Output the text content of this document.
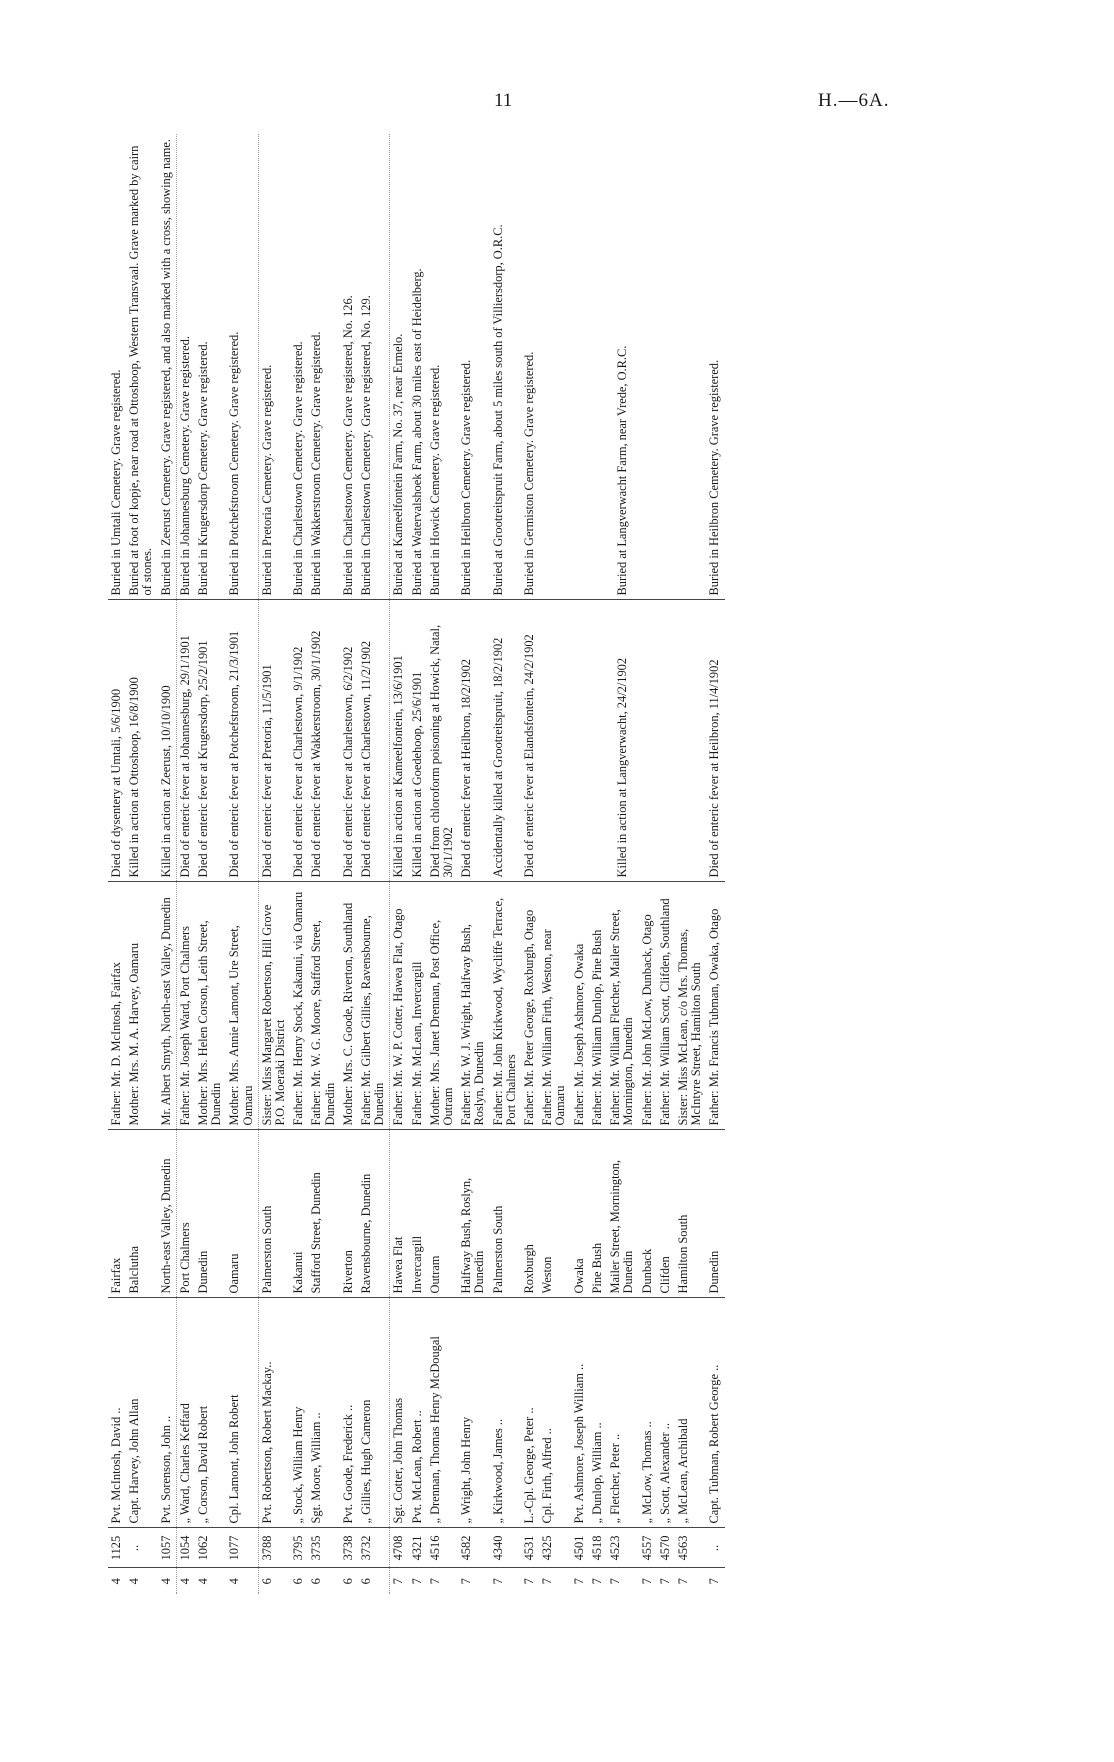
11	H.—6A.
4	1125	Pvt. McIntosh, David ..	Fairfax	Father: Mr. D. McIntosh, Fairfax	Died of dysentery at Umtali, 5/6/1900	Buried in Umtali Cemetery. Grave registered.
4	..	Capt. Harvey, John Allan	Balclutha	Mother: Mrs. M. A. Harvey, Oamaru	Killed in action at Ottoshoop, 16/8/1900	Buried at foot of kopje, near road at Ottoshoop, Western Transvaal. Grave marked by cairn of stones.
4	1057	Pvt. Sorenson, John ..	North-east Valley, Dunedin	Mr. Albert Smyth, North-east Valley, Dunedin	Killed in action at Zeerust, 10/10/1900	Buried in Zeerust Cemetery. Grave registered, and also marked with a cross, showing name.
4	1054	„ Ward, Charles Keffard	Port Chalmers	Father: Mr. Joseph Ward, Port Chalmers	Died of enteric fever at Johannesburg, 29/1/1901	Buried in Johannesburg Cemetery. Grave registered.
4	1062	„ Corson, David Robert	Dunedin	Mother: Mrs. Helen Corson, Leith Street, Dunedin	Died of enteric fever at Krugersdorp, 25/2/1901	Buried in Krugersdorp Cemetery. Grave registered.
4	1077	Cpl. Lamont, John Robert	Oamaru	Mother: Mrs. Annie Lamont, Ure Street, Oamaru	Died of enteric fever at Potchefstroom, 21/3/1901	Buried in Potchefstroom Cemetery. Grave registered.
6	3788	Pvt. Robertson, Robert Mackay..	Palmerston South	Sister: Miss Margaret Robertson, Hill Grove P.O. Moeraki District	Died of enteric fever at Pretoria, 11/5/1901	Buried in Pretoria Cemetery. Grave registered.
6	3795	„ Stock, William Henry	Kakanui	Father: Mr. Henry Stock, Kakanui, via Oamaru	Died of enteric fever at Charlestown, 9/1/1902	Buried in Charlestown Cemetery. Grave registered.
6	3735	Sgt. Moore, William ..	Stafford Street, Dunedin	Father: Mr. W. G. Moore, Stafford Street, Dunedin	Died of enteric fever at Wakkerstroom, 30/1/1902	Buried in Wakkerstroom Cemetery. Grave registered.
6	3738	Pvt. Goode, Frederick ..	Riverton	Mother: Mrs. C. Goode, Riverton, Southland	Died of enteric fever at Charlestown, 6/2/1902	Buried in Charlestown Cemetery. Grave registered, No. 126.
6	3732	„ Gillies, Hugh Cameron	Ravensbourne, Dunedin	Father: Mr. Gilbert Gillies, Ravensbourne, Dunedin	Died of enteric fever at Charlestown, 11/2/1902	Buried in Charlestown Cemetery. Grave registered, No. 129.
7	4708	Sgt. Cotter, John Thomas	Hawea Flat	Father: Mr. W. P. Cotter, Hawea Flat, Otago	Killed in action at Kameelfontein, 13/6/1901	Buried at Kameelfontein Farm, No. 37, near Ermelo.
7	4321	Pvt. McLean, Robert ..	Invercargill	Father: Mr. McLean, Invercargill	Killed in action at Goedehoop, 25/6/1901	Buried at Watervalshoek Farm, about 30 miles east of Heidelberg.
7	4516	„ Drennan, Thomas Henry McDougal	Outram	Mother: Mrs. Janet Drennan, Post Office, Outram	Died from chloroform poisoning at Howick, Natal, 30/1/1902	Buried in Howick Cemetery. Grave registered.
7	4582	„ Wright, John Henry	Halfway Bush, Roslyn, Dunedin	Father: Mr. W. J. Wright, Halfway Bush, Roslyn, Dunedin	Died of enteric fever at Heilbron, 18/2/1902	Buried in Heilbron Cemetery. Grave registered.
7	4340	„ Kirkwood, James ..	Palmerston South	Father: Mr. John Kirkwood, Wycliffe Terrace, Port Chalmers	Accidentally killed at Grootreitspruit, 18/2/1902	Buried at Grootreitspruit Farm, about 5 miles south of Villiersdorp, O.R.C.
7	4531	L.-Cpl. George, Peter ..	Roxburgh	Father: Mr. Peter George, Roxburgh, Otago	Died of enteric fever at Elandsfontein, 24/2/1902	Buried in Germiston Cemetery. Grave registered.
7	4325	Cpl. Firth, Alfred ..	Weston	Father: Mr. William Firth, Weston, near Oamaru	Killed in action at Langverwacht, 24/2/1902	Buried at Langverwacht Farm, near Vrede, O.R.C.
7	4501	Pvt. Ashmore, Joseph William ..	Owaka	Father: Mr. Joseph Ashmore, Owaka		
7	4518	„ Dunlop, William ..	Pine Bush	Father: Mr. William Dunlop, Pine Bush		
7	4523	„ Fletcher, Peter ..	Mailer Street, Mornington, Dunedin	Father: Mr. William Fletcher, Mailer Street, Mornington, Dunedin		
7	4557	„ McLow, Thomas ..	Dunback	Father: Mr. John McLow, Dunback, Otago		
7	4570	„ Scott, Alexander ..	Clifden	Father: Mr. William Scott, Clifden, Southland		
7	4563	„ McLean, Archibald	Hamilton South	Sister: Miss McLean, c/o Mrs. Thomas, McIntyre Street, Hamilton South		
7	..	Capt. Tubman, Robert George ..	Dunedin	Father: Mr. Francis Tubman, Owaka, Otago	Died of enteric fever at Heilbron, 11/4/1902	Buried in Heilbron Cemetery. Grave registered.
